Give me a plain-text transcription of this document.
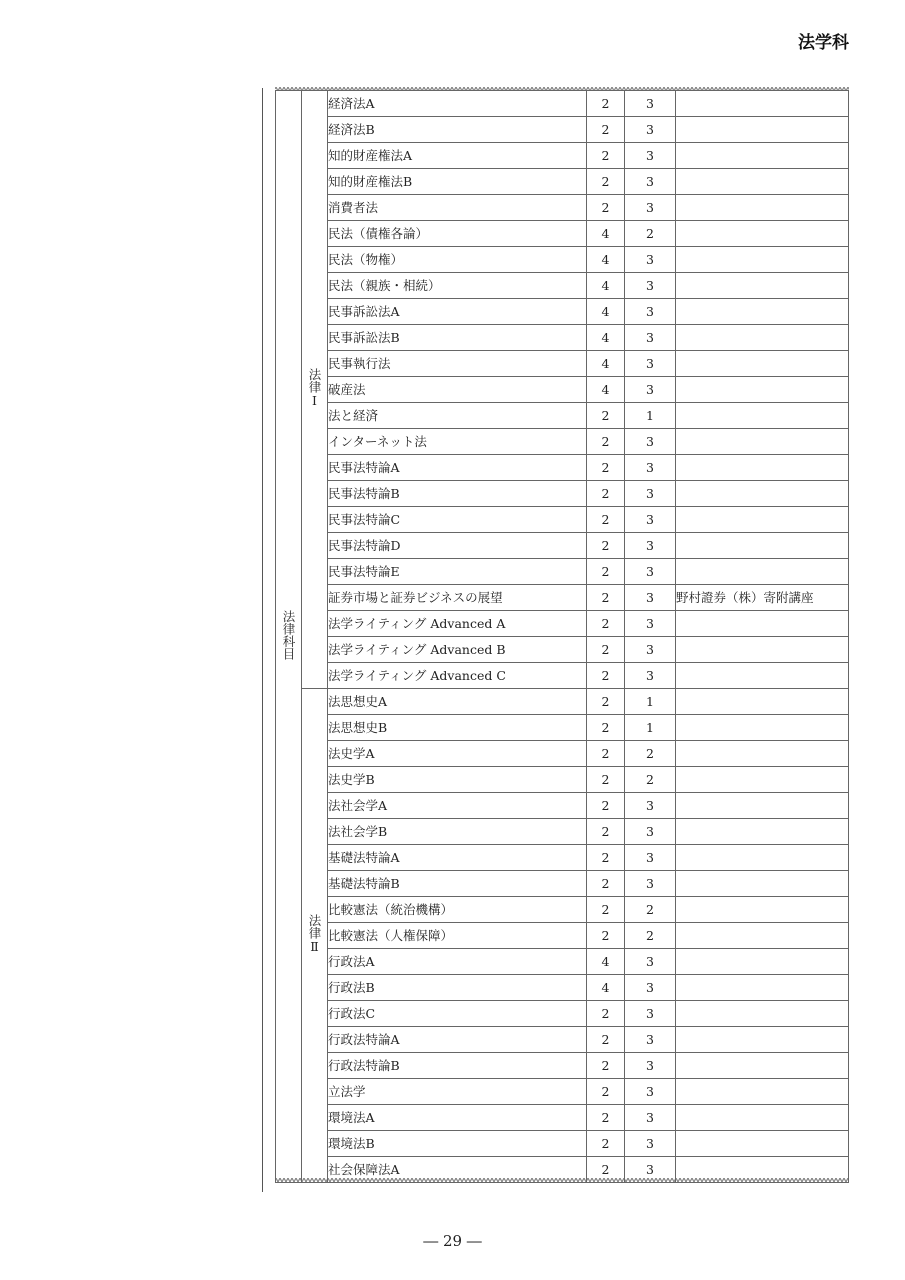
法学科
法律科目	法律Ⅰ	経済法A	2	3	
		経済法B	2	3	
		知的財産権法A	2	3	
		知的財産権法B	2	3	
		消費者法	2	3	
		民法（債権各論）	4	2	
		民法（物権）	4	3	
		民法（親族・相続）	4	3	
		民事訴訟法A	4	3	
		民事訴訟法B	4	3	
		民事執行法	4	3	
		破産法	4	3	
		法と経済	2	1	
		インターネット法	2	3	
		民事法特論A	2	3	
		民事法特論B	2	3	
		民事法特論C	2	3	
		民事法特論D	2	3	
		民事法特論E	2	3	
		証券市場と証券ビジネスの展望	2	3	野村證券（株）寄附講座
		法学ライティング Advanced A	2	3	
		法学ライティング Advanced B	2	3	
		法学ライティング Advanced C	2	3	
	法律Ⅱ	法思想史A	2	1	
		法思想史B	2	1	
		法史学A	2	2	
		法史学B	2	2	
		法社会学A	2	3	
		法社会学B	2	3	
		基礎法特論A	2	3	
		基礎法特論B	2	3	
		比較憲法（統治機構）	2	2	
		比較憲法（人権保障）	2	2	
		行政法A	4	3	
		行政法B	4	3	
		行政法C	2	3	
		行政法特論A	2	3	
		行政法特論B	2	3	
		立法学	2	3	
		環境法A	2	3	
		環境法B	2	3	
		社会保障法A	2	3	
― 29 ―
